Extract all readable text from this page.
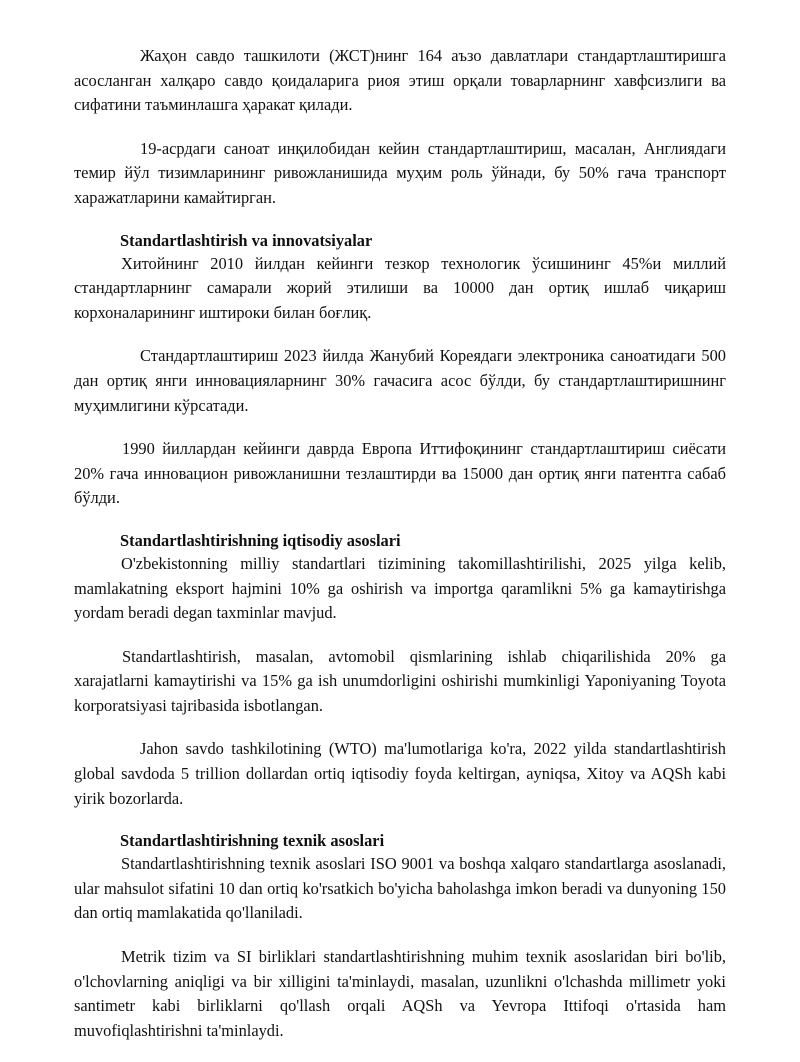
Жаҳон савдо ташкилоти (ЖСТ)нинг 164 аъзо давлатлари стандартлаштиришга асосланган халқаро савдо қоидаларига риоя этиш орқали товарларнинг хавфсизлиги ва сифатини таъминлашга ҳаракат қилади.

19-асрдаги саноат инқилобидан кейин стандартлаштириш, масалан, Англиядаги темир йўл тизимларининг ривожланишида муҳим роль ўйнади, бу 50% гача транспорт харажатларини камайтирган.

Standartlashtirish va innovatsiyalar

Хитойнинг 2010 йилдан кейинги тезкор технологик ўсишининг 45%и миллий стандартларнинг самарали жорий этилиши ва 10000 дан ортиқ ишлаб чиқариш корхоналарининг иштироки билан боғлиқ.

Стандартлаштириш 2023 йилда Жанубий Кореядаги электроника саноатидаги 500 дан ортиқ янги инновацияларнинг 30% гачасига асос бўлди, бу стандартлаштиришнинг муҳимлигини кўрсатади.

1990 йиллардан кейинги даврда Европа Иттифоқининг стандартлаштириш сиёсати 20% гача инновацион ривожланишни тезлаштирди ва 15000 дан ортиқ янги патентга сабаб бўлди.

Standartlashtirishning iqtisodiy asoslari

O'zbekistonning milliy standartlari tizimining takomillashtirilishi, 2025 yilga kelib, mamlakatning eksport hajmini 10% ga oshirish va importga qaramlikni 5% ga kamaytirishga yordam beradi degan taxminlar mavjud.

Standartlashtirish, masalan, avtomobil qismlarining ishlab chiqarilishida 20% ga xarajatlarni kamaytirishi va 15% ga ish unumdorligini oshirishi mumkinligi Yaponiyaning Toyota korporatsiyasi tajribasida isbotlangan.

Jahon savdo tashkilotining (WTO) ma'lumotlariga ko'ra, 2022 yilda standartlashtirish global savdoda 5 trillion dollardan ortiq iqtisodiy foyda keltirgan, ayniqsa, Xitoy va AQSh kabi yirik bozorlarda.

Standartlashtirishning texnik asoslari

Standartlashtirishning texnik asoslari ISO 9001 va boshqa xalqaro standartlarga asoslanadi, ular mahsulot sifatini 10 dan ortiq ko'rsatkich bo'yicha baholashga imkon beradi va dunyoning 150 dan ortiq mamlakatida qo'llaniladi.

Metrik tizim va SI birliklari standartlashtirishning muhim texnik asoslaridan biri bo'lib, o'lchovlarning aniqligi va bir xilligini ta'minlaydi, masalan, uzunlikni o'lchashda millimetr yoki santimetr kabi birliklarni qo'llash orqali AQSh va Yevropa Ittifoqi o'rtasida ham muvofiqlashtirishni ta'minlaydi.
